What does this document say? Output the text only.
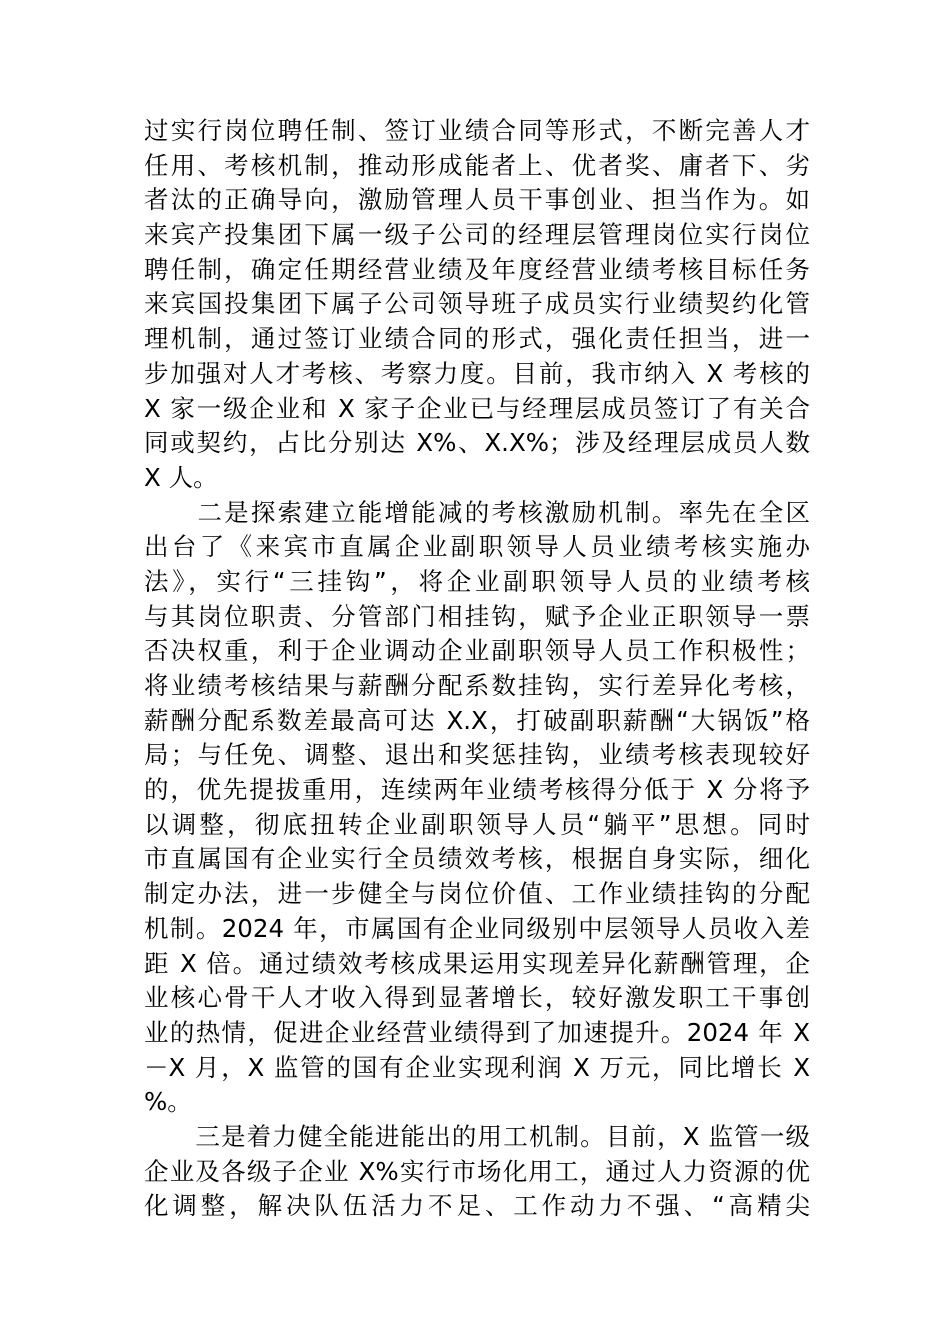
过实行岗位聘任制、签订业绩合同等形式，不断完善人才
任用、考核机制，推动形成能者上、优者奖、庸者下、劣
者汰的正确导向，激励管理人员干事创业、担当作为。如
来宾产投集团下属一级子公司的经理层管理岗位实行岗位
聘任制，确定任期经营业绩及年度经营业绩考核目标任务
来宾国投集团下属子公司领导班子成员实行业绩契约化管
理机制，通过签订业绩合同的形式，强化责任担当，进一
步加强对人才考核、考察力度。目前，我市纳入 X 考核的
X 家一级企业和 X 家子企业已与经理层成员签订了有关合
同或契约，占比分别达 X%、X.X%；涉及经理层成员人数
X 人。
　　二是探索建立能增能减的考核激励机制。率先在全区
出台了《来宾市直属企业副职领导人员业绩考核实施办
法》，实行“三挂钩”，将企业副职领导人员的业绩考核
与其岗位职责、分管部门相挂钩，赋予企业正职领导一票
否决权重，利于企业调动企业副职领导人员工作积极性；
将业绩考核结果与薪酬分配系数挂钩，实行差异化考核，
薪酬分配系数差最高可达 X.X，打破副职薪酬“大锅饭”格
局；与任免、调整、退出和奖惩挂钩，业绩考核表现较好
的，优先提拔重用，连续两年业绩考核得分低于 X 分将予
以调整，彻底扭转企业副职领导人员“躺平”思想。同时
市直属国有企业实行全员绩效考核，根据自身实际，细化
制定办法，进一步健全与岗位价值、工作业绩挂钩的分配
机制。2024 年，市属国有企业同级别中层领导人员收入差
距 X 倍。通过绩效考核成果运用实现差异化薪酬管理，企
业核心骨干人才收入得到显著增长，较好激发职工干事创
业的热情，促进企业经营业绩得到了加速提升。2024 年 X
－X 月，X 监管的国有企业实现利润 X 万元，同比增长 X
%。
　　三是着力健全能进能出的用工机制。目前，X 监管一级
企业及各级子企业 X%实行市场化用工，通过人力资源的优
化调整，解决队伍活力不足、工作动力不强、“高精尖
